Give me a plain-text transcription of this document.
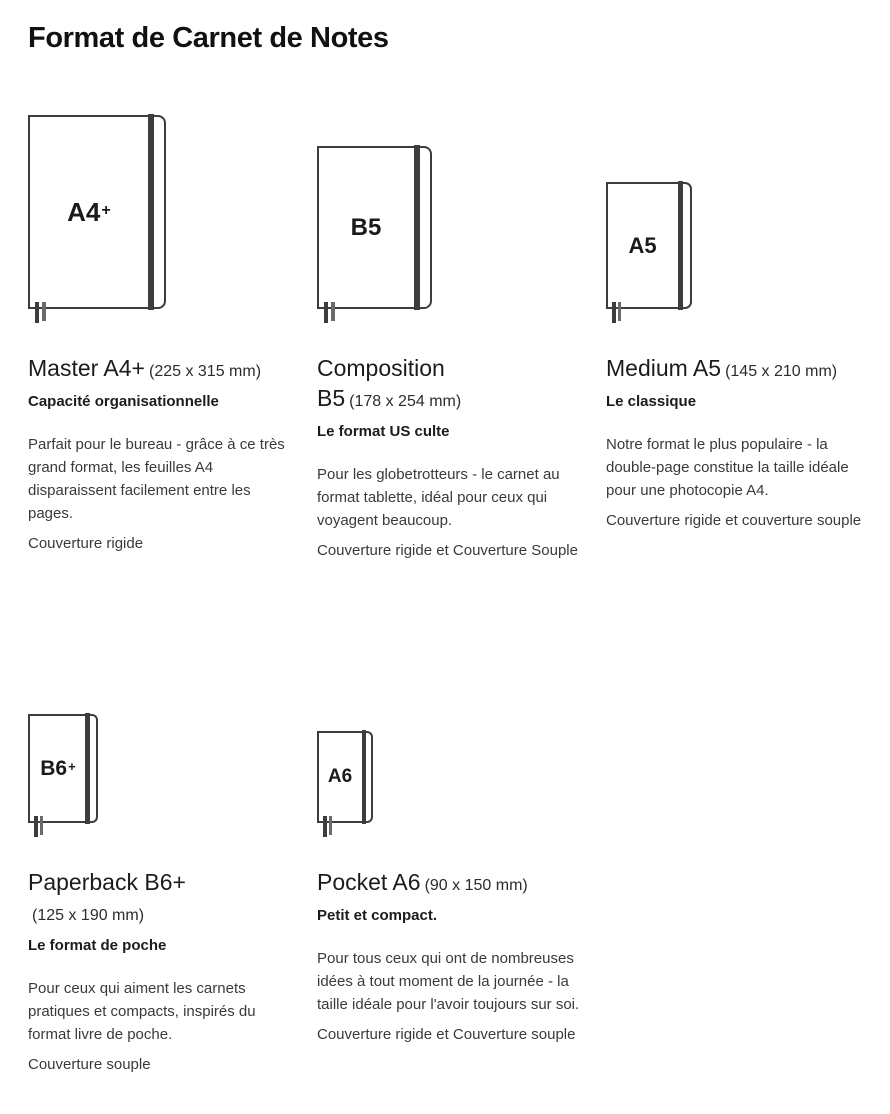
Format de Carnet de Notes
A4 +
Master A4+ (225 x 315 mm)
Capacité organisationnelle

Parfait pour le bureau - grâce à ce très grand format, les feuilles A4 disparaissent facilement entre les pages.

Couverture rigide

B5
Composition B5 (178 x 254 mm)
Le format US culte

Pour les globetrotteurs - le carnet au format tablette, idéal pour ceux qui voyagent beaucoup.

Couverture rigide et Couverture Souple

A5
Medium A5 (145 x 210 mm)
Le classique

Notre format le plus populaire - la double-page constitue la taille idéale pour une photocopie A4.

Couverture rigide et couverture souple

B6 +
Paperback B6+(125 x 190 mm)
Le format de poche

Pour ceux qui aiment les carnets pratiques et compacts, inspirés du format livre de poche.

Couverture souple

A6
Pocket A6 (90 x 150 mm)
Petit et compact.

Pour tous ceux qui ont de nombreuses idées à tout moment de la journée - la taille idéale pour l'avoir toujours sur soi.

Couverture rigide et Couverture souple
